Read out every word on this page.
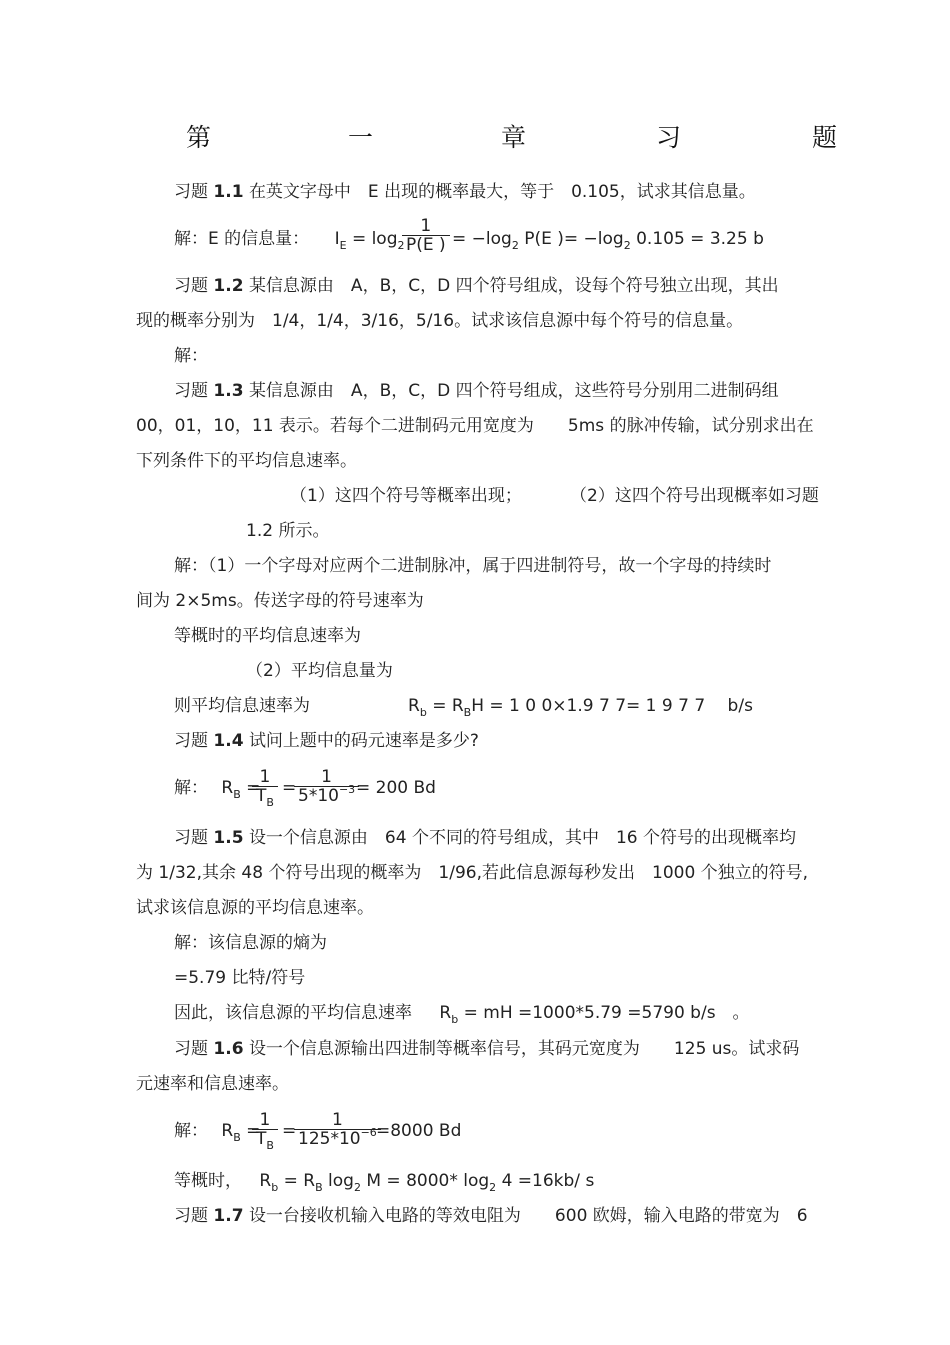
第	一	章	习	题
习题 1.1 在英文字母中　E 出现的概率最大，等于　0.105，试求其信息量。
解：E 的信息量： $I_E = \log_2$
$\frac{1}{P(E )} = -\log_2$ P(E )= $-\log_2$ 0.105 = 3.25 b
习题 1.2 某信息源由　A，B，C，D 四个符号组成，设每个符号独立出现，其出
现的概率分别为　1/4，1/4，3/16，5/16。试求该信息源中每个符号的信息量。
解：
习题 1.3 某信息源由　A，B，C，D 四个符号组成，这些符号分别用二进制码组
00，01，10，11 表示。若每个二进制码元用宽度为　　5ms 的脉冲传输，试分别求出在
下列条件下的平均信息速率。
（1）这四个符号等概率出现；	（2）这四个符号出现概率如习题
1.2 所示。
解：（1）一个字母对应两个二进制脉冲，属于四进制符号，故一个字母的持续时
间为 2×5ms。传送字母的符号速率为
等概时的平均信息速率为
（2）平均信息量为
则平均信息速率为	$R_b = R_BH = 1$ 0 0×1.9 7 7= 1 9 7 7　 b/s
习题 1.4 试问上题中的码元速率是多少?
解： $R_B$ =
$\frac{1}{T_B}$ =
$\frac{1}{5*10^{-3}}$
= 200 Bd
习题 1.5 设一个信息源由　64 个不同的符号组成，其中　16 个符号的出现概率均
为 1/32,其余 48 个符号出现的概率为　1/96,若此信息源每秒发出　1000 个独立的符号,
试求该信息源的平均信息速率。
解：该信息源的熵为
=5.79 比特/符号
因此，该信息源的平均信息速率 $R_b$ = mH =1000*5.79 =5790 b/s　。
习题 1.6 设一个信息源输出四进制等概率信号，其码元宽度为　　125 us。试求码
元速率和信息速率。
解： $R_B$ =
$\frac{1}{T_B}$ =
$\frac{1}{125*10^{-6}}$
=8000 Bd
等概时， $R_b = R_B$ $\log_2 M = 8000*$ $\log_2 4 =16kb/$ s
习题 1.7 设一台接收机输入电路的等效电阻为　　600 欧姆，输入电路的带宽为　6
